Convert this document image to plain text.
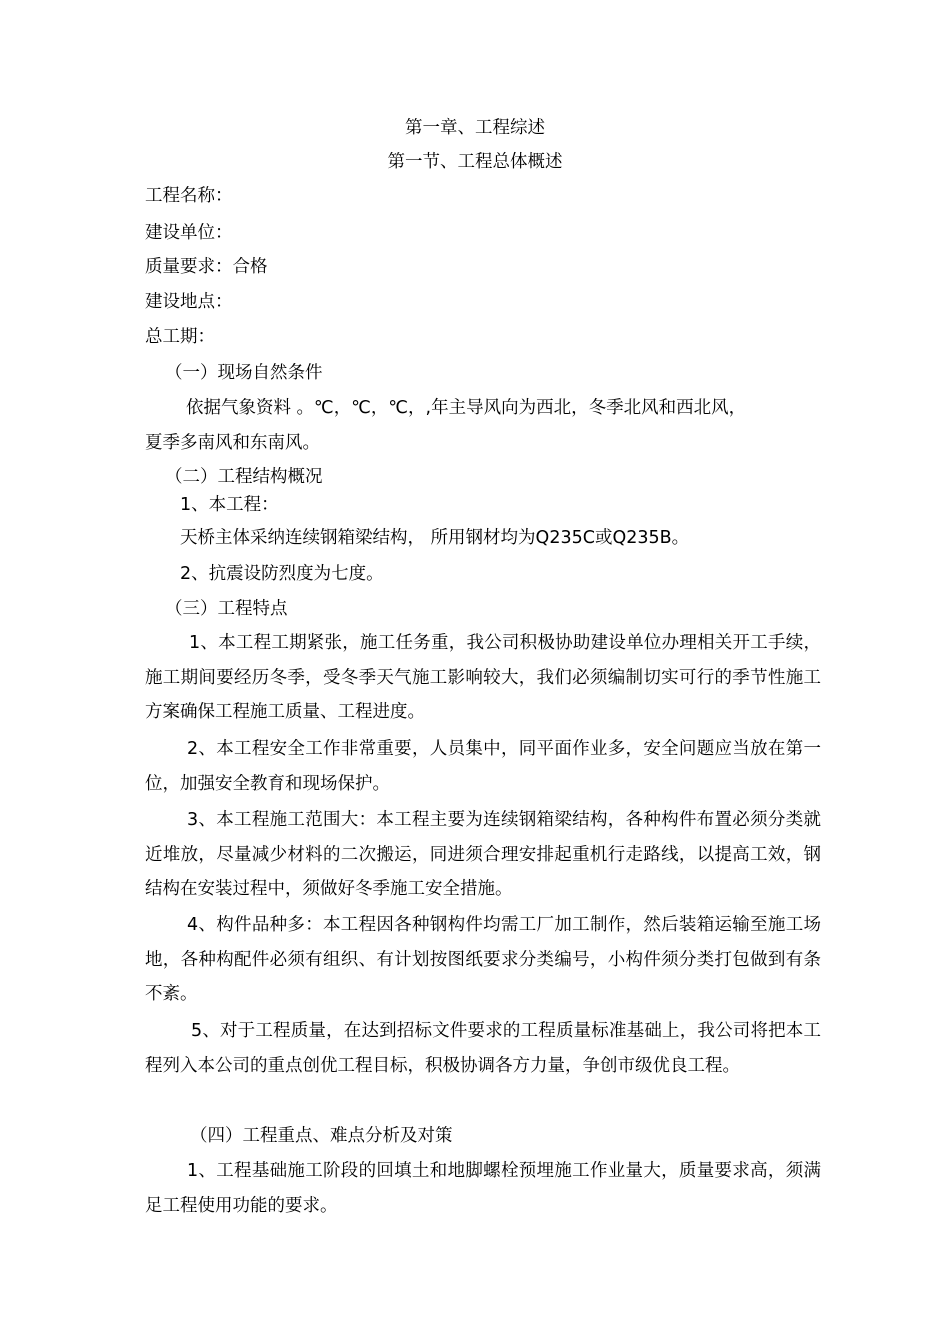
第一章、工程综述
第一节、工程总体概述
工程名称：
建设单位：
质量要求：合格
建设地点：
总工期：
（一）现场自然条件
依据气象资料 。℃，℃，℃，,年主导风向为西北，冬季北风和西北风，
夏季多南风和东南风。
（二）工程结构概况
1、本工程：
天桥主体采纳连续钢箱梁结构， 所用钢材均为Q235C或Q235B。
2、抗震设防烈度为七度。
（三）工程特点
1、本工程工期紧张，施工任务重，我公司积极协助建设单位办理相关开工手续，施工期间要经历冬季，受冬季天气施工影响较大，我们必须编制切实可行的季节性施工方案确保工程施工质量、工程进度。
2、本工程安全工作非常重要，人员集中，同平面作业多，安全问题应当放在第一位，加强安全教育和现场保护。
3、本工程施工范围大：本工程主要为连续钢箱梁结构，各种构件布置必须分类就近堆放，尽量减少材料的二次搬运，同进须合理安排起重机行走路线，以提高工效，钢结构在安装过程中，须做好冬季施工安全措施。
4、构件品种多：本工程因各种钢构件均需工厂加工制作，然后装箱运输至施工场地，各种构配件必须有组织、有计划按图纸要求分类编号，小构件须分类打包做到有条不紊。
5、对于工程质量，在达到招标文件要求的工程质量标准基础上，我公司将把本工程列入本公司的重点创优工程目标，积极协调各方力量，争创市级优良工程。
（四）工程重点、难点分析及对策
1、工程基础施工阶段的回填土和地脚螺栓预埋施工作业量大，质量要求高，须满足工程使用功能的要求。
